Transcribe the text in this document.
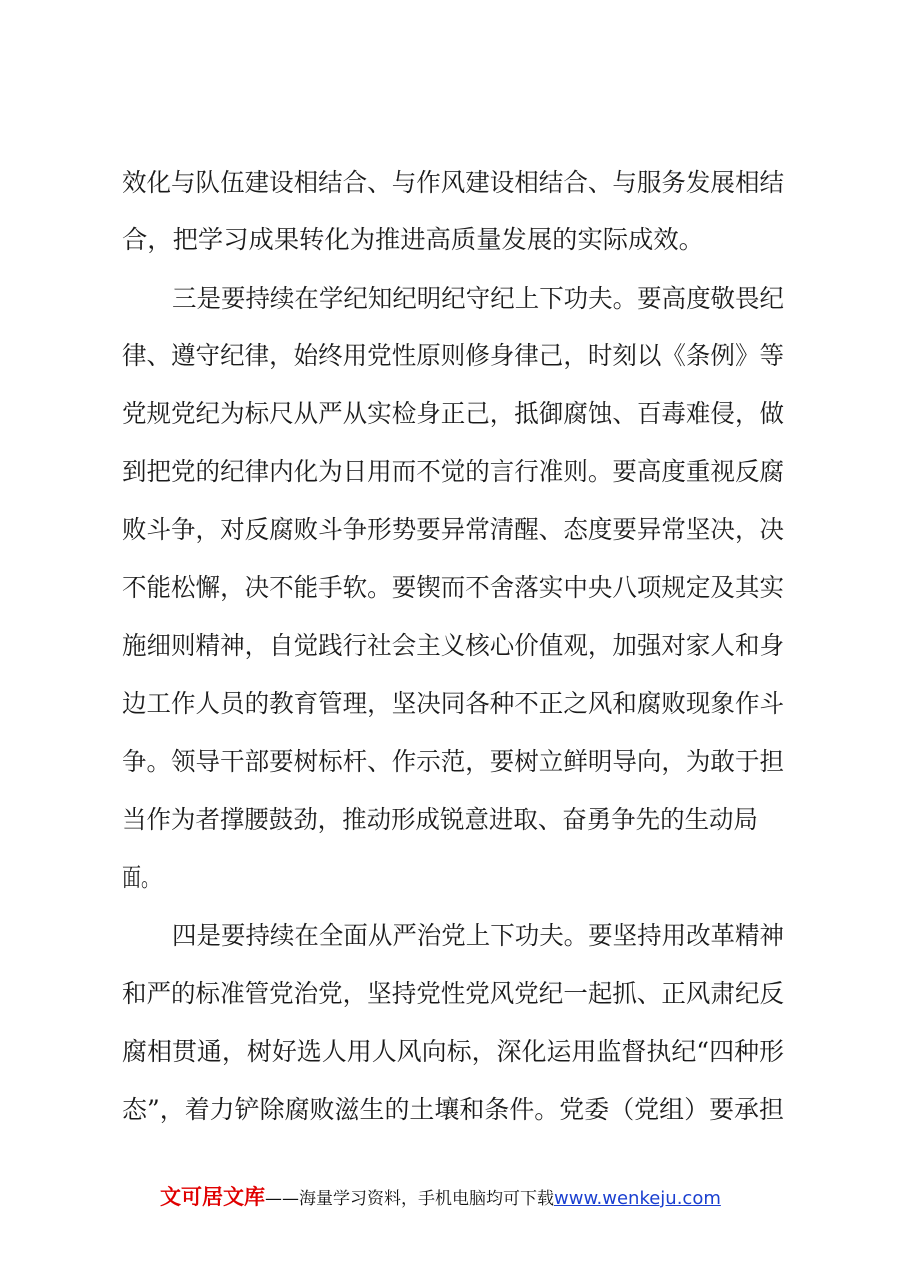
效化与队伍建设相结合、与作风建设相结合、与服务发展相结
合，把学习成果转化为推进高质量发展的实际成效。
三是要持续在学纪知纪明纪守纪上下功夫。要高度敬畏纪
律、遵守纪律，始终用党性原则修身律己，时刻以《条例》等
党规党纪为标尺从严从实检身正己，抵御腐蚀、百毒难侵，做
到把党的纪律内化为日用而不觉的言行准则。要高度重视反腐
败斗争，对反腐败斗争形势要异常清醒、态度要异常坚决，决
不能松懈，决不能手软。要锲而不舍落实中央八项规定及其实
施细则精神，自觉践行社会主义核心价值观，加强对家人和身
边工作人员的教育管理，坚决同各种不正之风和腐败现象作斗
争。领导干部要树标杆、作示范，要树立鲜明导向，为敢于担
当作为者撑腰鼓劲，推动形成锐意进取、奋勇争先的生动局
面。
四是要持续在全面从严治党上下功夫。要坚持用改革精神
和严的标准管党治党，坚持党性党风党纪一起抓、正风肃纪反
腐相贯通，树好选人用人风向标，深化运用监督执纪“四种形
态”，着力铲除腐败滋生的土壤和条件。党委（党组）要承担
文可居文库——海量学习资料，手机电脑均可下载www.wenkeju.com
